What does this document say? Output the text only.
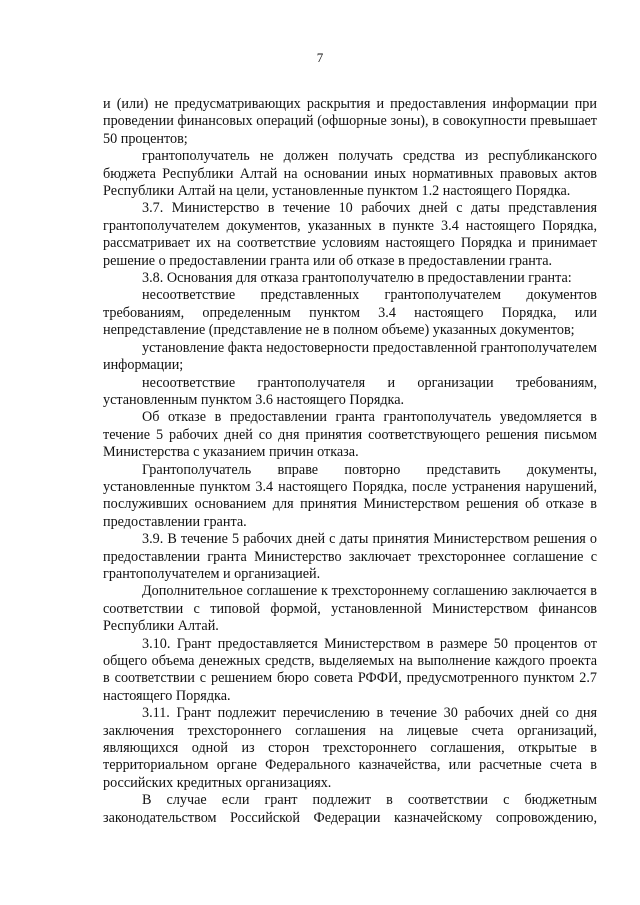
7

и (или) не предусматривающих раскрытия и предоставления информации при проведении финансовых операций (офшорные зоны), в совокупности превышает 50 процентов;

грантополучатель не должен получать средства из республиканского бюджета Республики Алтай на основании иных нормативных правовых актов Республики Алтай на цели, установленные пунктом 1.2 настоящего Порядка.

3.7. Министерство в течение 10 рабочих дней с даты представления грантополучателем документов, указанных в пункте 3.4 настоящего Порядка, рассматривает их на соответствие условиям настоящего Порядка и принимает решение о предоставлении гранта или об отказе в предоставлении гранта.

3.8. Основания для отказа грантополучателю в предоставлении гранта:

несоответствие представленных грантополучателем документов требованиям, определенным пунктом 3.4 настоящего Порядка, или непредставление (представление не в полном объеме) указанных документов;

установление факта недостоверности предоставленной грантополучателем информации;

несоответствие грантополучателя и организации требованиям, установленным пунктом 3.6 настоящего Порядка.

Об отказе в предоставлении гранта грантополучатель уведомляется в течение 5 рабочих дней со дня принятия соответствующего решения письмом Министерства с указанием причин отказа.

Грантополучатель вправе повторно представить документы, установленные пунктом 3.4 настоящего Порядка, после устранения нарушений, послуживших основанием для принятия Министерством решения об отказе в предоставлении гранта.

3.9. В течение 5 рабочих дней с даты принятия Министерством решения о предоставлении гранта Министерство заключает трехстороннее соглашение с грантополучателем и организацией.

Дополнительное соглашение к трехстороннему соглашению заключается в соответствии с типовой формой, установленной Министерством финансов Республики Алтай.

3.10. Грант предоставляется Министерством в размере 50 процентов от общего объема денежных средств, выделяемых на выполнение каждого проекта в соответствии с решением бюро совета РФФИ, предусмотренного пунктом 2.7 настоящего Порядка.

3.11. Грант подлежит перечислению в течение 30 рабочих дней со дня заключения трехстороннего соглашения на лицевые счета организаций, являющихся одной из сторон трехстороннего соглашения, открытые в территориальном органе Федерального казначейства, или расчетные счета в российских кредитных организациях.

В случае если грант подлежит в соответствии с бюджетным законодательством Российской Федерации казначейскому сопровождению,
